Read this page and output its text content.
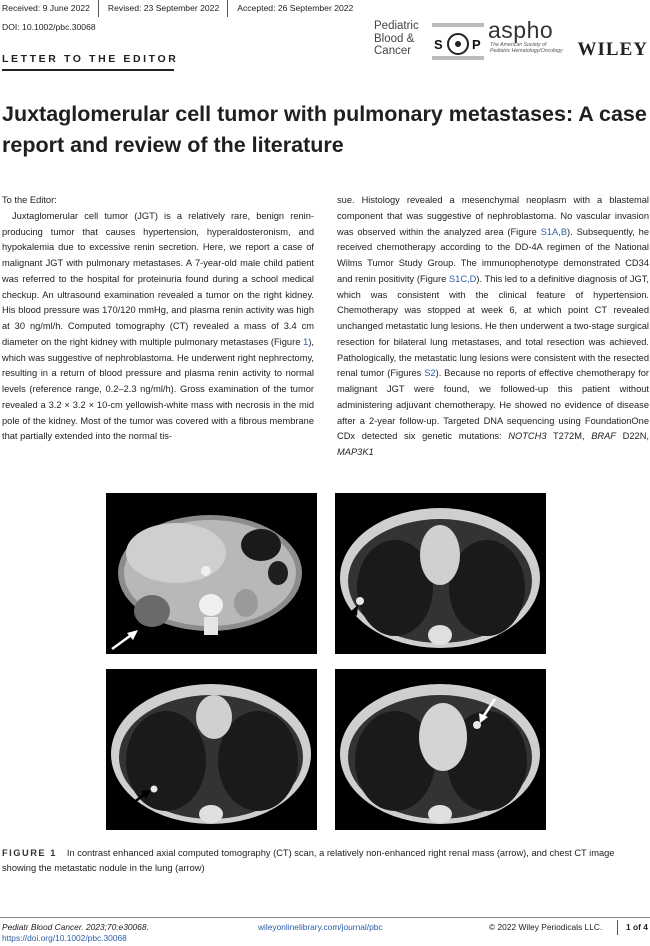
Received: 9 June 2022	Revised: 23 September 2022	Accepted: 26 September 2022
DOI: 10.1002/pbc.30068
LETTER TO THE EDITOR
Pediatric
Blood &
Cancer	S P
aspho
The American Society of
Pediatric Hematology/Oncology WILEY
Juxtaglomerular cell tumor with pulmonary metastases: A case report and review of the literature

To the Editor:

Juxtaglomerular cell tumor (JGT) is a relatively rare, benign renin-producing tumor that causes hypertension, hyperaldosteronism, and hypokalemia due to excessive renin secretion. Here, we report a case of malignant JGT with pulmonary metastases. A 7-year-old male child patient was referred to the hospital for proteinuria found during a school medical checkup. An ultrasound examination revealed a tumor on the right kidney. His blood pressure was 170/120 mmHg, and plasma renin activity was high at 30 ng/ml/h. Computed tomography (CT) revealed a mass of 3.4 cm diameter on the right kidney with multiple pulmonary metastases (Figure 1), which was suggestive of nephroblastoma. He underwent right nephrectomy, resulting in a return of blood pressure and plasma renin activity to normal levels (reference range, 0.2–2.3 ng/ml/h). Gross examination of the tumor revealed a 3.2 × 3.2 × 10-cm yellowish-white mass with necrosis in the mid pole of the kidney. Most of the tumor was covered with a fibrous membrane that partially extended into the normal tis-

sue. Histology revealed a mesenchymal neoplasm with a blastemal component that was suggestive of nephroblastoma. No vascular invasion was observed within the analyzed area (Figure S1A,B). Subsequently, he received chemotherapy according to the DD-4A regimen of the National Wilms Tumor Study Group. The immunophenotype demonstrated CD34 and renin positivity (Figure S1C,D). This led to a definitive diagnosis of JGT, which was consistent with the clinical feature of hypertension. Chemotherapy was stopped at week 6, at which point CT revealed unchanged metastatic lung lesions. He then underwent a two-stage surgical resection for bilateral lung metastases, and total resection was achieved. Pathologically, the metastatic lung lesions were consistent with the resected renal tumor (Figures S2). Because no reports of effective chemotherapy for malignant JGT were found, we followed-up this patient without administering adjuvant chemotherapy. He showed no evidence of disease after a 2-year follow-up. Targeted DNA sequencing using FoundationOne CDx detected six genetic mutations: NOTCH3 T272M, BRAF D22N, MAP3K1

FIGURE 1 In contrast enhanced axial computed tomography (CT) scan, a relatively non-enhanced right renal mass (arrow), and chest CT image showing the metastatic nodule in the lung (arrow)
Pediatr Blood Cancer. 2023;70:e30068.
https://doi.org/10.1002/pbc.30068
wileyonlinelibrary.com/journal/pbc	© 2022 Wiley Periodicals LLC.	1 of 4
